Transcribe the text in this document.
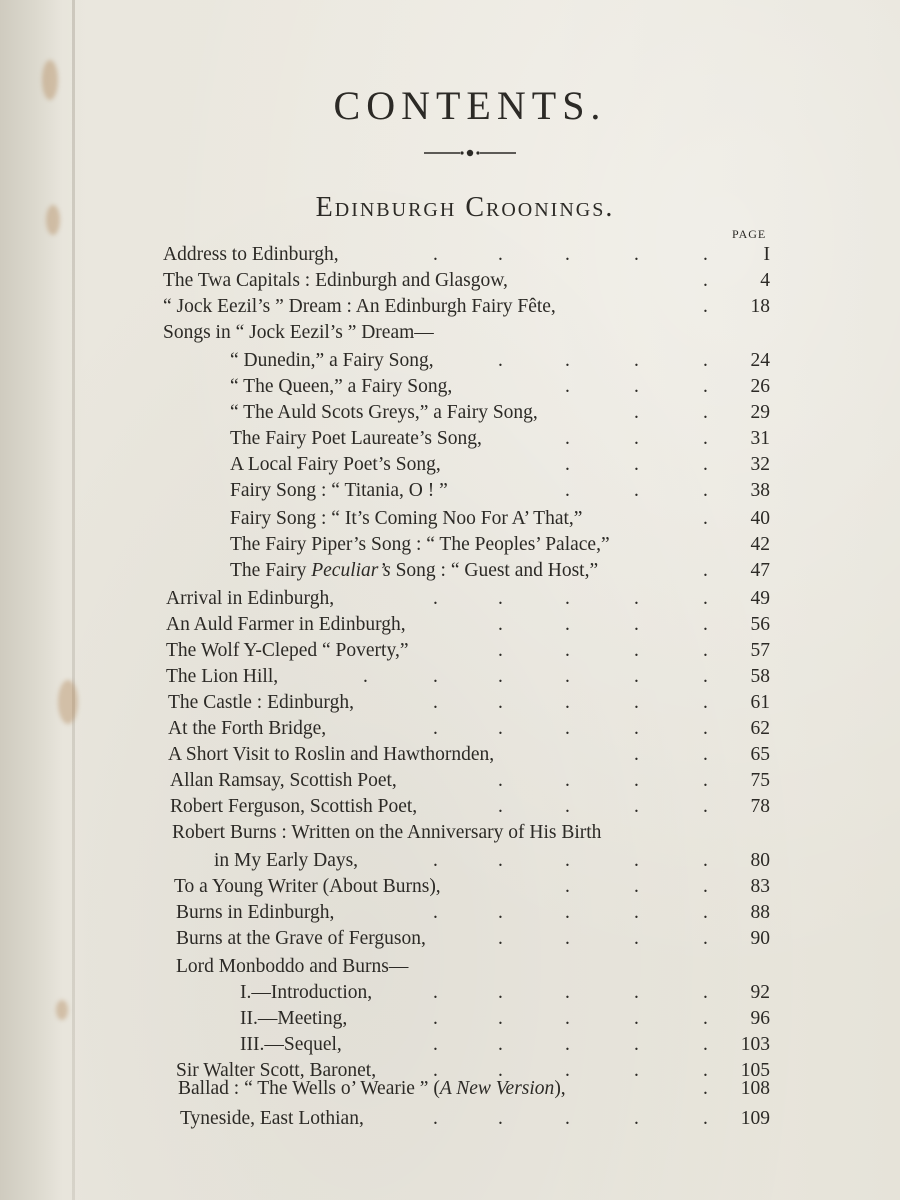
CONTENTS.
Edinburgh Croonings.
PAGE
Address to Edinburgh,	.	.	.	.	.	I
The Twa Capitals : Edinburgh and Glasgow,	.	4
“ Jock Eezil’s ” Dream : An Edinburgh Fairy Fête,	.	18
Songs in “ Jock Eezil’s ” Dream—
“ Dunedin,” a Fairy Song,	.	.	.	.	24
“ The Queen,” a Fairy Song,	.	.	.	26
“ The Auld Scots Greys,” a Fairy Song,	.	.	29
The Fairy Poet Laureate’s Song,	.	.	.	31
A Local Fairy Poet’s Song,	.	.	.	32
Fairy Song : “ Titania, O ! ”	.	.	.	38
Fairy Song : “ It’s Coming Noo For A’ That,”	.	40
The Fairy Piper’s Song : “ The Peoples’ Palace,”	42
The Fairy Peculiar’s Song : “ Guest and Host,”	.	47
Arrival in Edinburgh,	.	.	.	.	.	49
An Auld Farmer in Edinburgh,	.	.	.	.	56
The Wolf Y-Cleped “ Poverty,”	.	.	.	.	57
The Lion Hill,	.	.	.	.	.	.	58
The Castle : Edinburgh,	.	.	.	.	.	61
At the Forth Bridge,	.	.	.	.	.	62
A Short Visit to Roslin and Hawthornden,	.	.	65
Allan Ramsay, Scottish Poet,	.	.	.	.	75
Robert Ferguson, Scottish Poet,	.	.	.	.	78
Robert Burns : Written on the Anniversary of His Birth
in My Early Days,	.	.	.	.	.	80
To a Young Writer (About Burns),	.	.	.	83
Burns in Edinburgh,	.	.	.	.	.	88
Burns at the Grave of Ferguson,	.	.	.	.	90
Lord Monboddo and Burns—
I.—Introduction,	.	.	.	.	.	92
II.—Meeting,	.	.	.	.	.	96
III.—Sequel,	.	.	.	.	.	103
Sir Walter Scott, Baronet,	.	.	.	.	.	105
Ballad : “ The Wells o’ Wearie ” (A New Version),	.	108
Tyneside, East Lothian,	.	.	.	.	.	109
